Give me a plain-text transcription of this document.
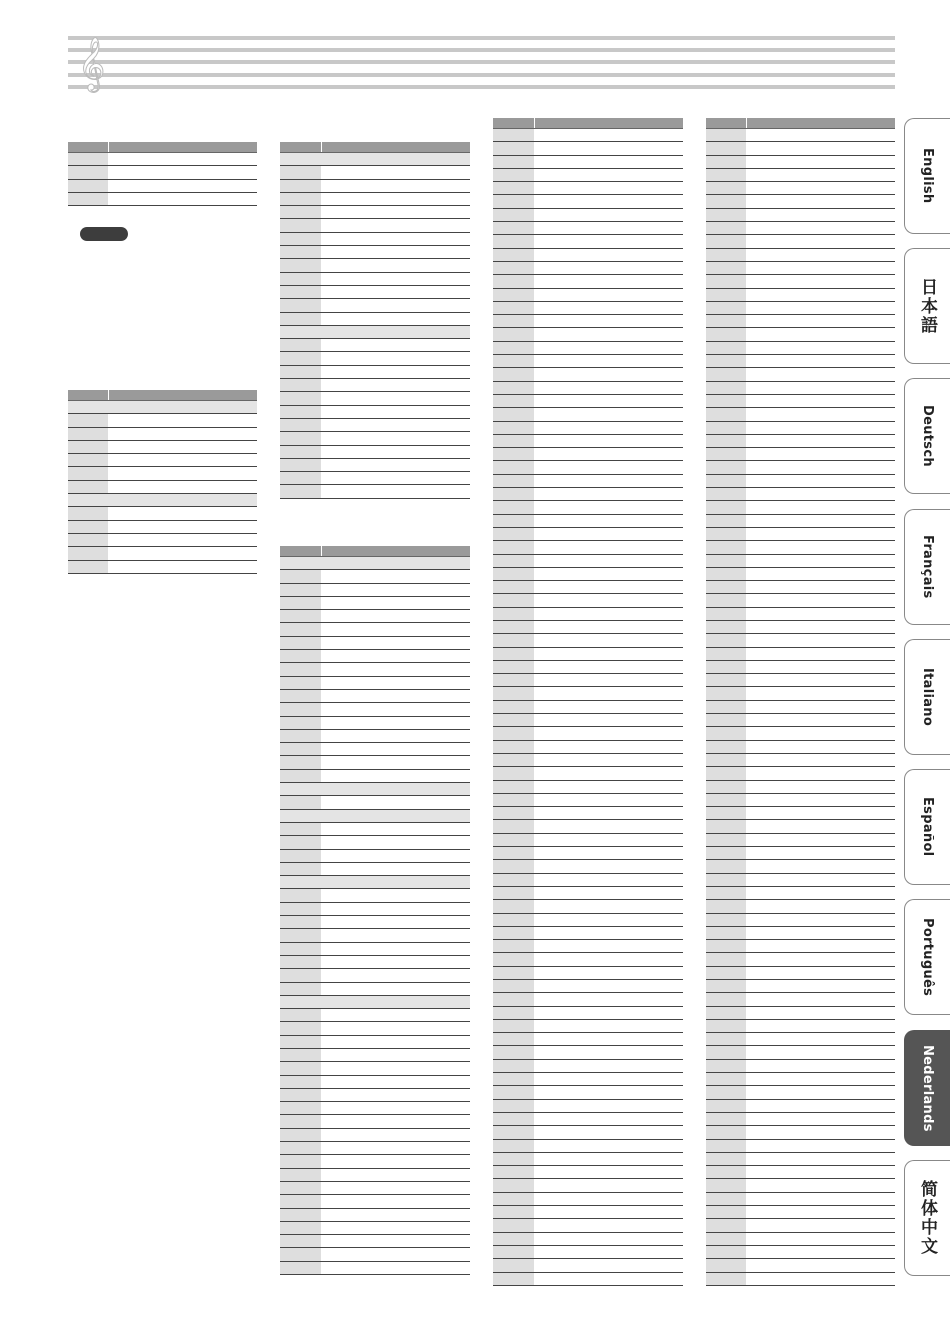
𝄞
English
日本語
Deutsch
Français
Italiano
Español
Português
Nederlands
简体中文
